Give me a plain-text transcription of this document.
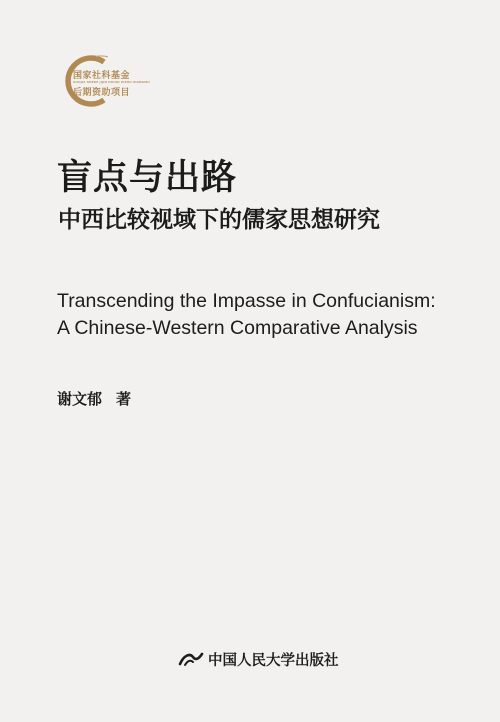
国家社科基金
GUOJIA SHEKE JIJIN HOUQI ZIZHU XIANGMU
后期资助项目
盲点与出路
中西比较视域下的儒家思想研究
Transcending the Impasse in Confucianism:
A Chinese-Western Comparative Analysis
谢文郁 著
中国人民大学出版社
